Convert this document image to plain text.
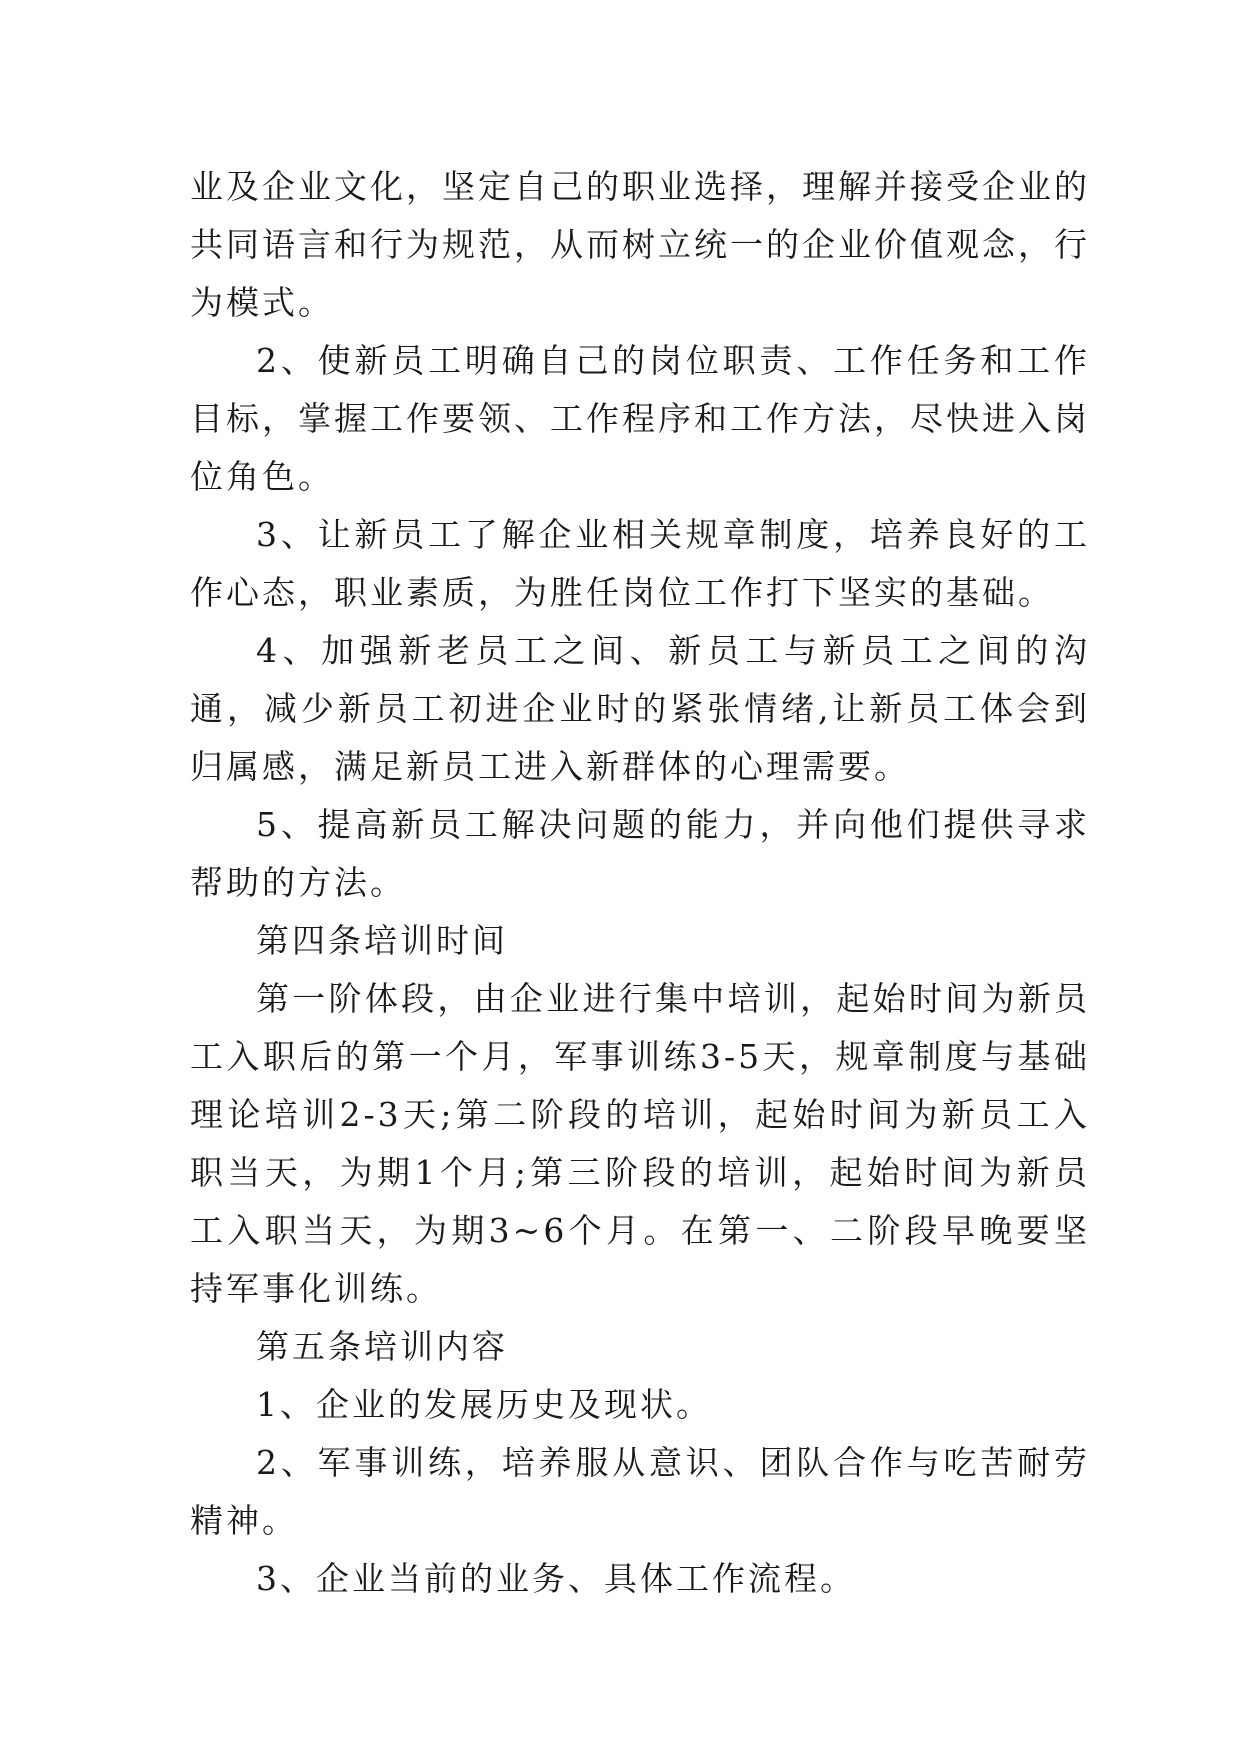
业及企业文化，坚定自己的职业选择，理解并接受企业的共同语言和行为规范，从而树立统一的企业价值观念，行为模式。

2、使新员工明确自己的岗位职责、工作任务和工作目标，掌握工作要领、工作程序和工作方法，尽快进入岗位角色。

3、让新员工了解企业相关规章制度，培养良好的工作心态，职业素质，为胜任岗位工作打下坚实的基础。

4、加强新老员工之间、新员工与新员工之间的沟通，减少新员工初进企业时的紧张情绪,让新员工体会到归属感，满足新员工进入新群体的心理需要。

5、提高新员工解决问题的能力，并向他们提供寻求帮助的方法。

第四条培训时间

第一阶体段，由企业进行集中培训，起始时间为新员工入职后的第一个月，军事训练3-5天，规章制度与基础理论培训2-3天;第二阶段的培训，起始时间为新员工入职当天，为期1个月;第三阶段的培训，起始时间为新员工入职当天，为期3~6个月。在第一、二阶段早晚要坚持军事化训练。

第五条培训内容

1、企业的发展历史及现状。

2、军事训练，培养服从意识、团队合作与吃苦耐劳精神。

3、企业当前的业务、具体工作流程。
